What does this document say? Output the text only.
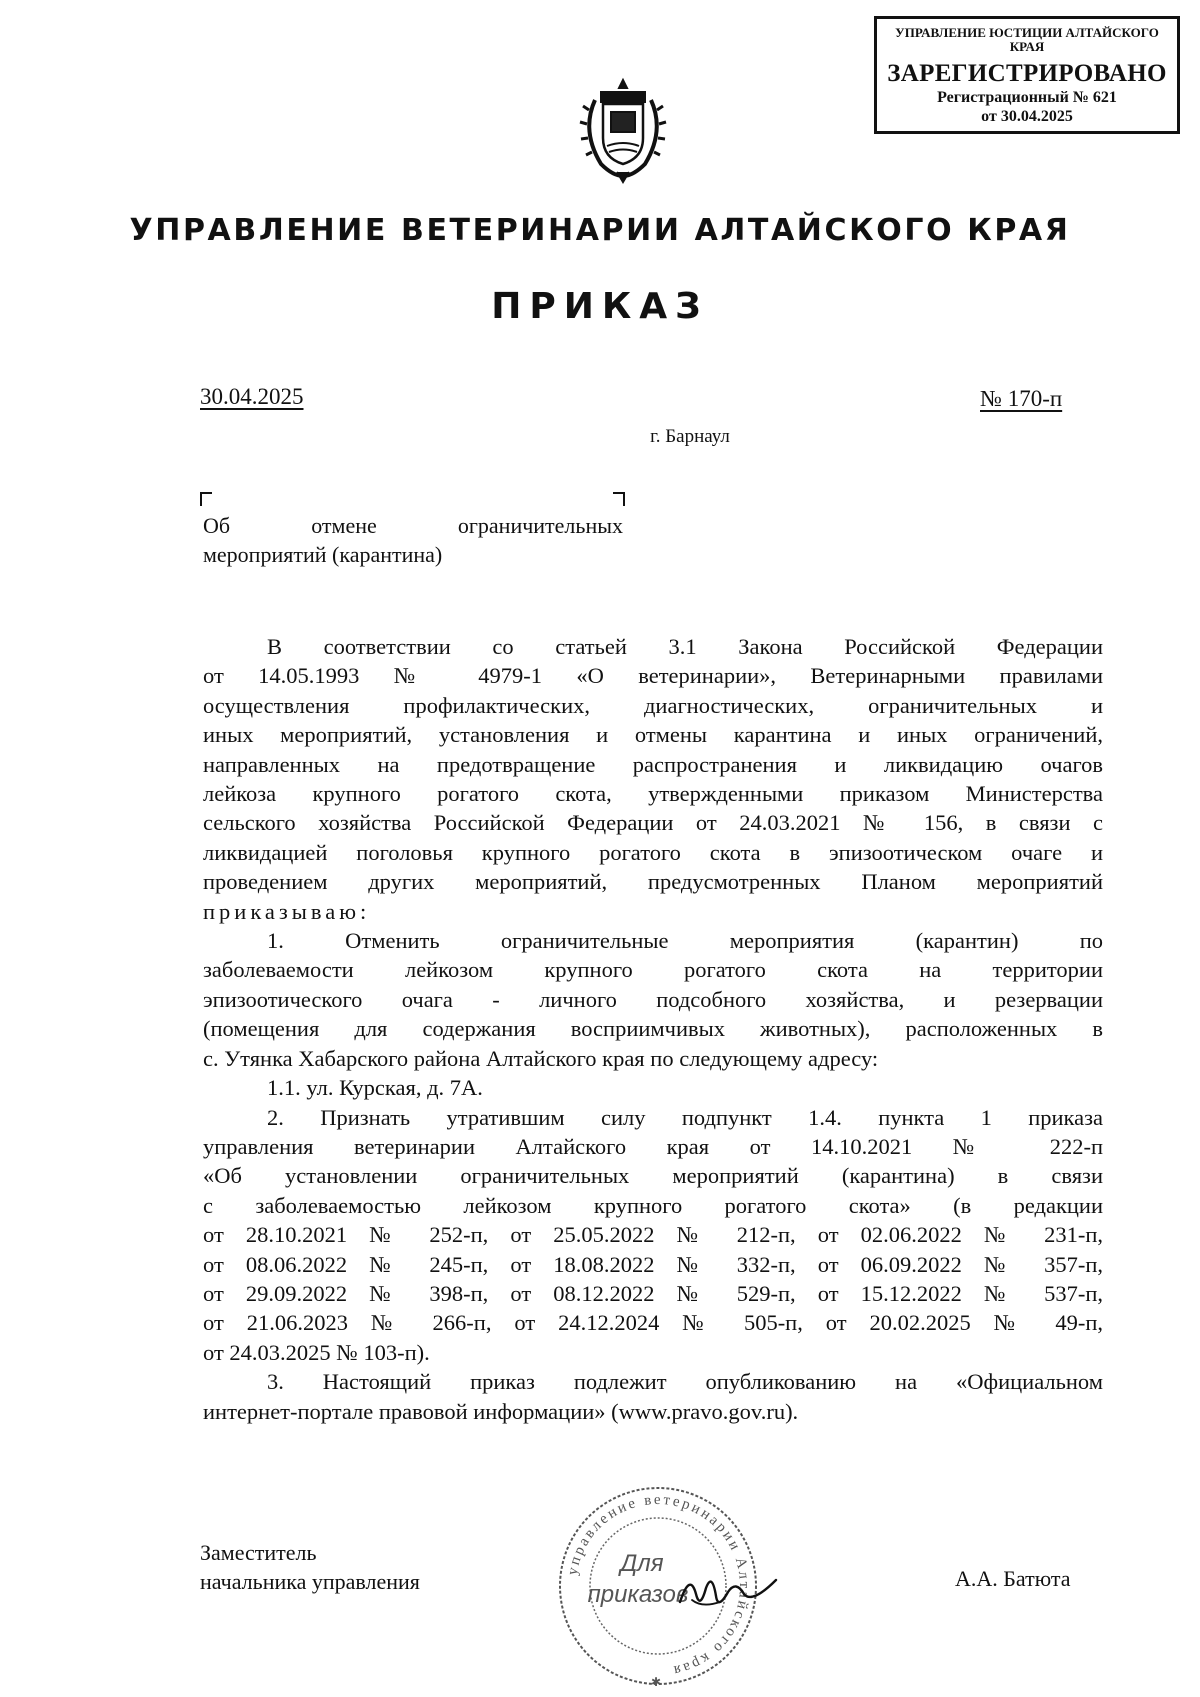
УПРАВЛЕНИЕ ЮСТИЦИИ АЛТАЙСКОГО КРАЯ
ЗАРЕГИСТРИРОВАНО
Регистрационный № 621
от 30.04.2025
УПРАВЛЕНИЕ ВЕТЕРИНАРИИ АЛТАЙСКОГО КРАЯ
ПРИКАЗ
30.04.2025	№ 170-п
г. Барнаул
Об отмене ограничительных
мероприятий (карантина)

В соответствии со статьей 3.1 Закона Российской Федерации

от 14.05.1993 № 4979-1 «О ветеринарии», Ветеринарными правилами

осуществления профилактических, диагностических, ограничительных и

иных мероприятий, установления и отмены карантина и иных ограничений,

направленных на предотвращение распространения и ликвидацию очагов

лейкоза крупного рогатого скота, утвержденными приказом Министерства

сельского хозяйства Российской Федерации от 24.03.2021 № 156, в связи с

ликвидацией поголовья крупного рогатого скота в эпизоотическом очаге и

проведением других мероприятий, предусмотренных Планом мероприятий

приказываю:

1. Отменить ограничительные мероприятия (карантин) по

заболеваемости лейкозом крупного рогатого скота на территории

эпизоотического очага - личного подсобного хозяйства, и резервации

(помещения для содержания восприимчивых животных), расположенных в

с. Утянка Хабарского района Алтайского края по следующему адресу:

1.1. ул. Курская, д. 7А.

2. Признать утратившим силу подпункт 1.4. пункта 1 приказа

управления ветеринарии Алтайского края от 14.10.2021 № 222-п

«Об установлении ограничительных мероприятий (карантина) в связи

с заболеваемостью лейкозом крупного рогатого скота» (в редакции

от 28.10.2021 № 252-п, от 25.05.2022 № 212-п, от 02.06.2022 № 231-п,

от 08.06.2022 № 245-п, от 18.08.2022 № 332-п, от 06.09.2022 № 357-п,

от 29.09.2022 № 398-п, от 08.12.2022 № 529-п, от 15.12.2022 № 537-п,

от 21.06.2023 № 266-п, от 24.12.2024 № 505-п, от 20.02.2025 № 49-п,

от 24.03.2025 № 103-п).

3. Настоящий приказ подлежит опубликованию на «Официальном

интернет-портале правовой информации» (www.pravo.gov.ru).

управление ветеринарии Алтайского края
Для
приказов
✱
Заместитель
начальника управления	А.А. Батюта
